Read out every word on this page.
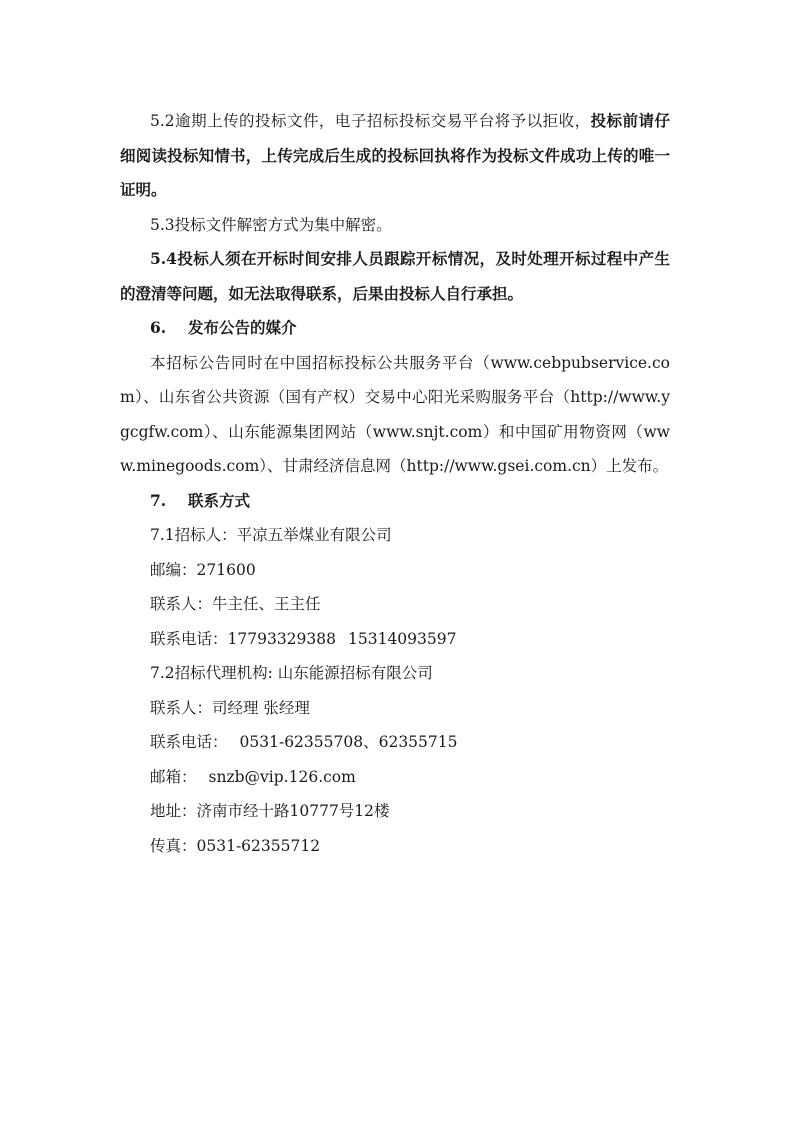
5.2逾期上传的投标文件，电子招标投标交易平台将予以拒收，投标前请仔细阅读投标知情书，上传完成后生成的投标回执将作为投标文件成功上传的唯一证明。

5.3投标文件解密方式为集中解密。

5.4投标人须在开标时间安排人员跟踪开标情况，及时处理开标过程中产生的澄清等问题，如无法取得联系，后果由投标人自行承担。

6. 发布公告的媒介

本招标公告同时在中国招标投标公共服务平台（www.cebpubservice.com）、山东省公共资源（国有产权）交易中心阳光采购服务平台（http://www.ygcgfw.com）、山东能源集团网站（www.snjt.com）和中国矿用物资网（www.minegoods.com）、甘肃经济信息网（http://www.gsei.com.cn）上发布。

7. 联系方式

7.1招标人：平凉五举煤业有限公司

邮编：271600

联系人：牛主任、王主任

联系电话：17793329388 15314093597

7.2招标代理机构: 山东能源招标有限公司

联系人：司经理 张经理

联系电话： 0531-62355708、62355715

邮箱： snzb@vip.126.com

地址：济南市经十路10777号12楼

传真：0531-62355712
